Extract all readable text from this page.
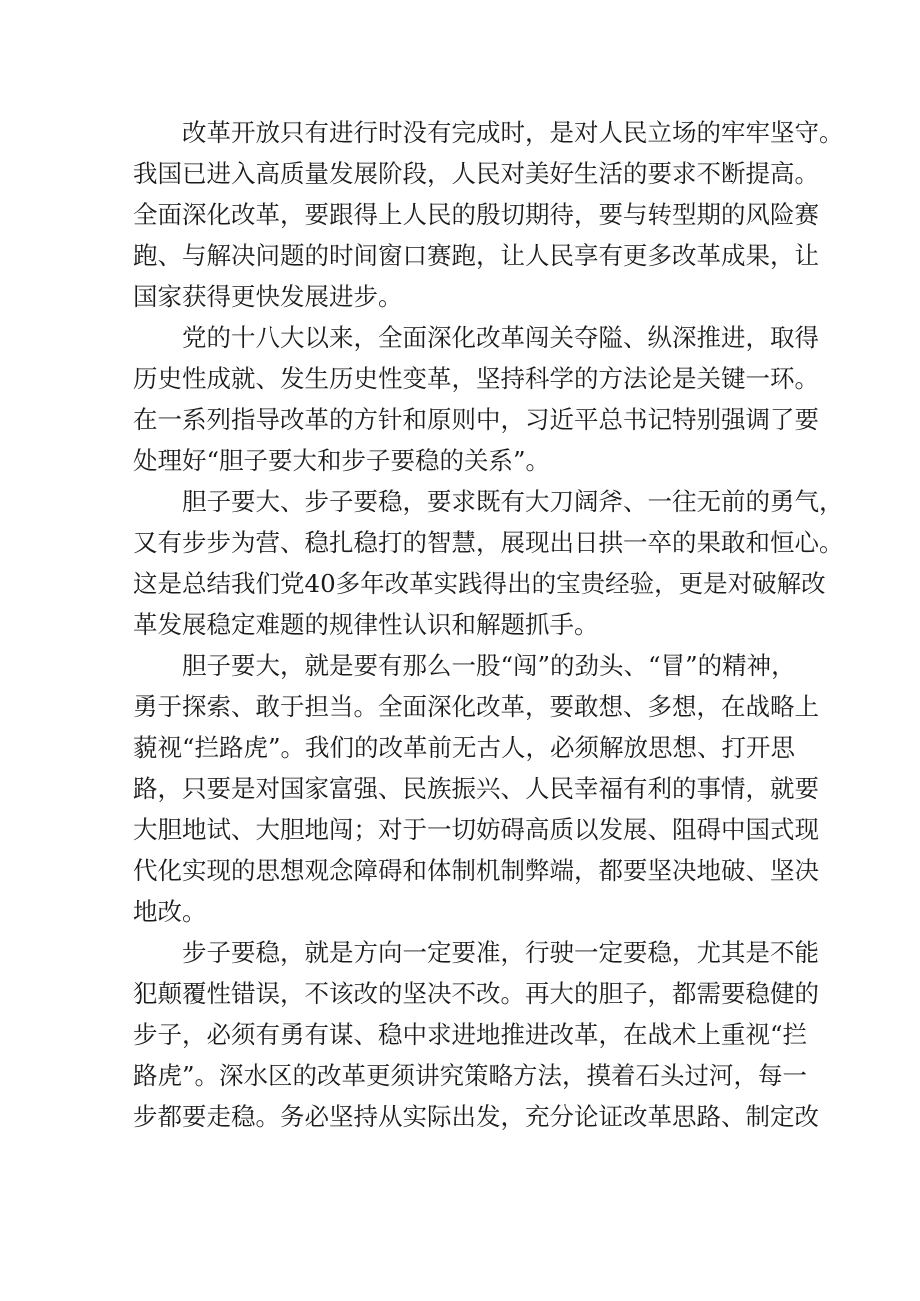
改革开放只有进行时没有完成时，是对人民立场的牢牢坚守。
我国已进入高质量发展阶段，人民对美好生活的要求不断提高。
全面深化改革，要跟得上人民的殷切期待，要与转型期的风险赛
跑、与解决问题的时间窗口赛跑，让人民享有更多改革成果，让
国家获得更快发展进步。
党的十八大以来，全面深化改革闯关夺隘、纵深推进，取得
历史性成就、发生历史性变革，坚持科学的方法论是关键一环。
在一系列指导改革的方针和原则中，习近平总书记特别强调了要
处理好“胆子要大和步子要稳的关系”。
胆子要大、步子要稳，要求既有大刀阔斧、一往无前的勇气，
又有步步为营、稳扎稳打的智慧，展现出日拱一卒的果敢和恒心。
这是总结我们党40多年改革实践得出的宝贵经验，更是对破解改
革发展稳定难题的规律性认识和解题抓手。
胆子要大，就是要有那么一股“闯”的劲头、“冒”的精神，
勇于探索、敢于担当。全面深化改革，要敢想、多想，在战略上
藐视“拦路虎”。我们的改革前无古人，必须解放思想、打开思
路，只要是对国家富强、民族振兴、人民幸福有利的事情，就要
大胆地试、大胆地闯；对于一切妨碍高质以发展、阻碍中国式现
代化实现的思想观念障碍和体制机制弊端，都要坚决地破、坚决
地改。
步子要稳，就是方向一定要准，行驶一定要稳，尤其是不能
犯颠覆性错误，不该改的坚决不改。再大的胆子，都需要稳健的
步子，必须有勇有谋、稳中求进地推进改革，在战术上重视“拦
路虎”。深水区的改革更须讲究策略方法，摸着石头过河，每一
步都要走稳。务必坚持从实际出发，充分论证改革思路、制定改
